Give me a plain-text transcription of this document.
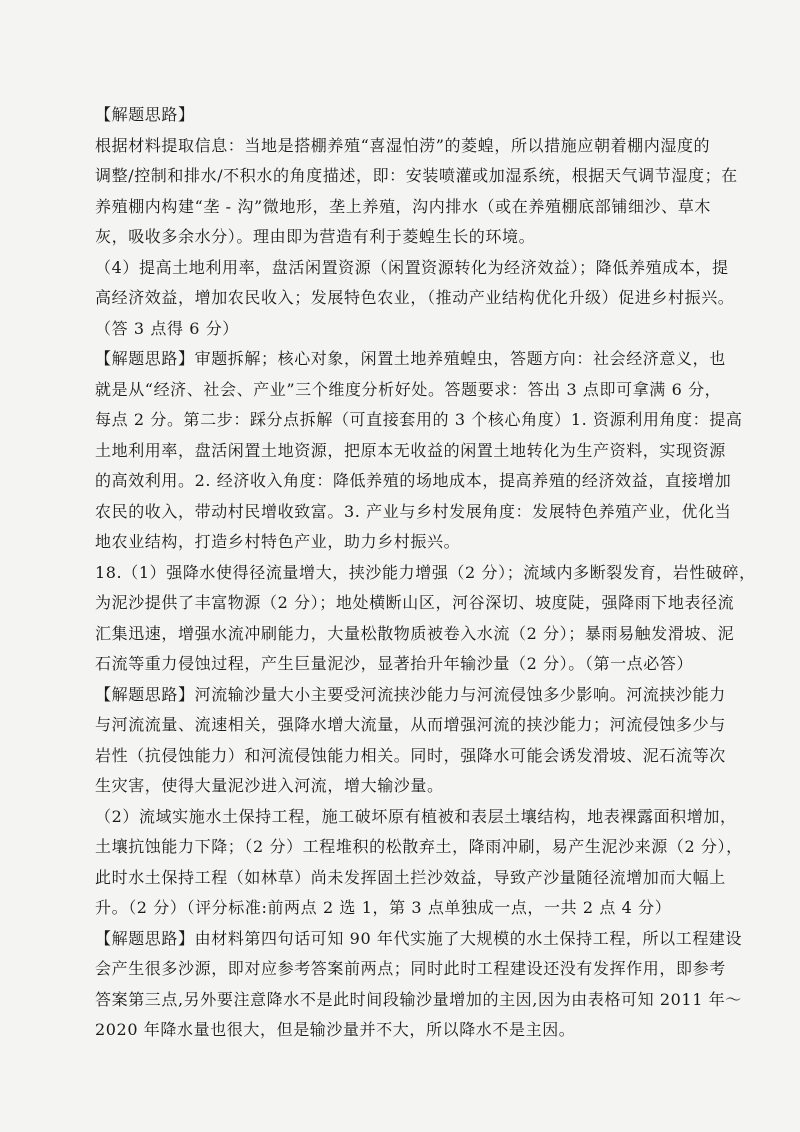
【解题思路】
根据材料提取信息：当地是搭棚养殖“喜湿怕涝”的菱蝗，所以措施应朝着棚内湿度的
调整/控制和排水/不积水的角度描述，即：安装喷灌或加湿系统，根据天气调节湿度；在
养殖棚内构建“垄 - 沟”微地形，垄上养殖，沟内排水（或在养殖棚底部铺细沙、草木
灰，吸收多余水分）。理由即为营造有利于菱蝗生长的环境。
（4）提高土地利用率，盘活闲置资源（闲置资源转化为经济效益）；降低养殖成本，提
高经济效益，增加农民收入；发展特色农业，（推动产业结构优化升级）促进乡村振兴。
（答 3 点得 6 分）
【解题思路】审题拆解；核心对象，闲置土地养殖蝗虫，答题方向：社会经济意义，也
就是从“经济、社会、产业”三个维度分析好处。答题要求：答出 3 点即可拿满 6 分，
每点 2 分。第二步：踩分点拆解（可直接套用的 3 个核心角度）1. 资源利用角度：提高
土地利用率，盘活闲置土地资源，把原本无收益的闲置土地转化为生产资料，实现资源
的高效利用。2. 经济收入角度：降低养殖的场地成本，提高养殖的经济效益，直接增加
农民的收入，带动村民增收致富。3. 产业与乡村发展角度：发展特色养殖产业，优化当
地农业结构，打造乡村特色产业，助力乡村振兴。
18.（1）强降水使得径流量增大，挟沙能力增强（2 分）；流域内多断裂发育，岩性破碎，
为泥沙提供了丰富物源（2 分）；地处横断山区，河谷深切、坡度陡，强降雨下地表径流
汇集迅速，增强水流冲刷能力，大量松散物质被卷入水流（2 分）；暴雨易触发滑坡、泥
石流等重力侵蚀过程，产生巨量泥沙，显著抬升年输沙量（2 分）。（第一点必答）
【解题思路】河流输沙量大小主要受河流挟沙能力与河流侵蚀多少影响。河流挟沙能力
与河流流量、流速相关，强降水增大流量，从而增强河流的挟沙能力；河流侵蚀多少与
岩性（抗侵蚀能力）和河流侵蚀能力相关。同时，强降水可能会诱发滑坡、泥石流等次
生灾害，使得大量泥沙进入河流，增大输沙量。
（2）流域实施水土保持工程，施工破坏原有植被和表层土壤结构，地表裸露面积增加，
土壤抗蚀能力下降；（2 分）工程堆积的松散弃土，降雨冲刷，易产生泥沙来源（2 分），
此时水土保持工程（如林草）尚未发挥固土拦沙效益，导致产沙量随径流增加而大幅上
升。（2 分）（评分标准:前两点 2 选 1，第 3 点单独成一点，一共 2 点 4 分）
【解题思路】由材料第四句话可知 90 年代实施了大规模的水土保持工程，所以工程建设
会产生很多沙源，即对应参考答案前两点；同时此时工程建设还没有发挥作用，即参考
答案第三点,另外要注意降水不是此时间段输沙量增加的主因,因为由表格可知 2011 年～
2020 年降水量也很大，但是输沙量并不大，所以降水不是主因。
